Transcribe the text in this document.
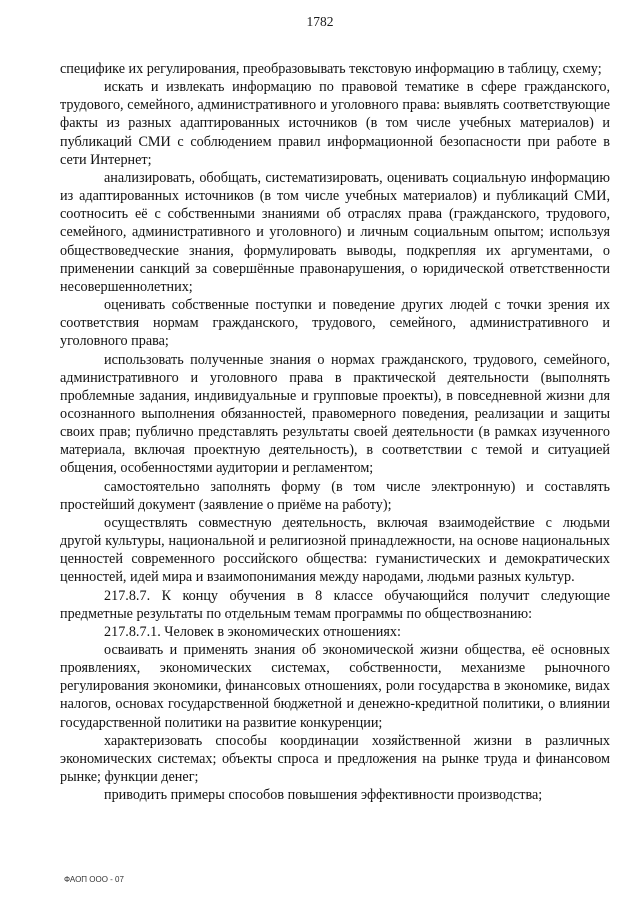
1782

специфике их регулирования, преобразовывать текстовую информацию в таблицу, схему;

искать и извлекать информацию по правовой тематике в сфере гражданского, трудового, семейного, административного и уголовного права: выявлять соответствующие факты из разных адаптированных источников (в том числе учебных материалов) и публикаций СМИ с соблюдением правил информационной безопасности при работе в сети Интернет;

анализировать, обобщать, систематизировать, оценивать социальную информацию из адаптированных источников (в том числе учебных материалов) и публикаций СМИ, соотносить её с собственными знаниями об отраслях права (гражданского, трудового, семейного, административного и уголовного) и личным социальным опытом; используя обществоведческие знания, формулировать выводы, подкрепляя их аргументами, о применении санкций за совершённые правонарушения, о юридической ответственности несовершеннолетних;

оценивать собственные поступки и поведение других людей с точки зрения их соответствия нормам гражданского, трудового, семейного, административного и уголовного права;

использовать полученные знания о нормах гражданского, трудового, семейного, административного и уголовного права в практической деятельности (выполнять проблемные задания, индивидуальные и групповые проекты), в повседневной жизни для осознанного выполнения обязанностей, правомерного поведения, реализации и защиты своих прав; публично представлять результаты своей деятельности (в рамках изученного материала, включая проектную деятельность), в соответствии с темой и ситуацией общения, особенностями аудитории и регламентом;

самостоятельно заполнять форму (в том числе электронную) и составлять простейший документ (заявление о приёме на работу);

осуществлять совместную деятельность, включая взаимодействие с людьми другой культуры, национальной и религиозной принадлежности, на основе национальных ценностей современного российского общества: гуманистических и демократических ценностей, идей мира и взаимопонимания между народами, людьми разных культур.

217.8.7. К концу обучения в 8 классе обучающийся получит следующие предметные результаты по отдельным темам программы по обществознанию:

217.8.7.1. Человек в экономических отношениях:

осваивать и применять знания об экономической жизни общества, её основных проявлениях, экономических системах, собственности, механизме рыночного регулирования экономики, финансовых отношениях, роли государства в экономике, видах налогов, основах государственной бюджетной и денежно-кредитной политики, о влиянии государственной политики на развитие конкуренции;

характеризовать способы координации хозяйственной жизни в различных экономических системах; объекты спроса и предложения на рынке труда и финансовом рынке; функции денег;

приводить примеры способов повышения эффективности производства;

ФАОП ООО - 07
